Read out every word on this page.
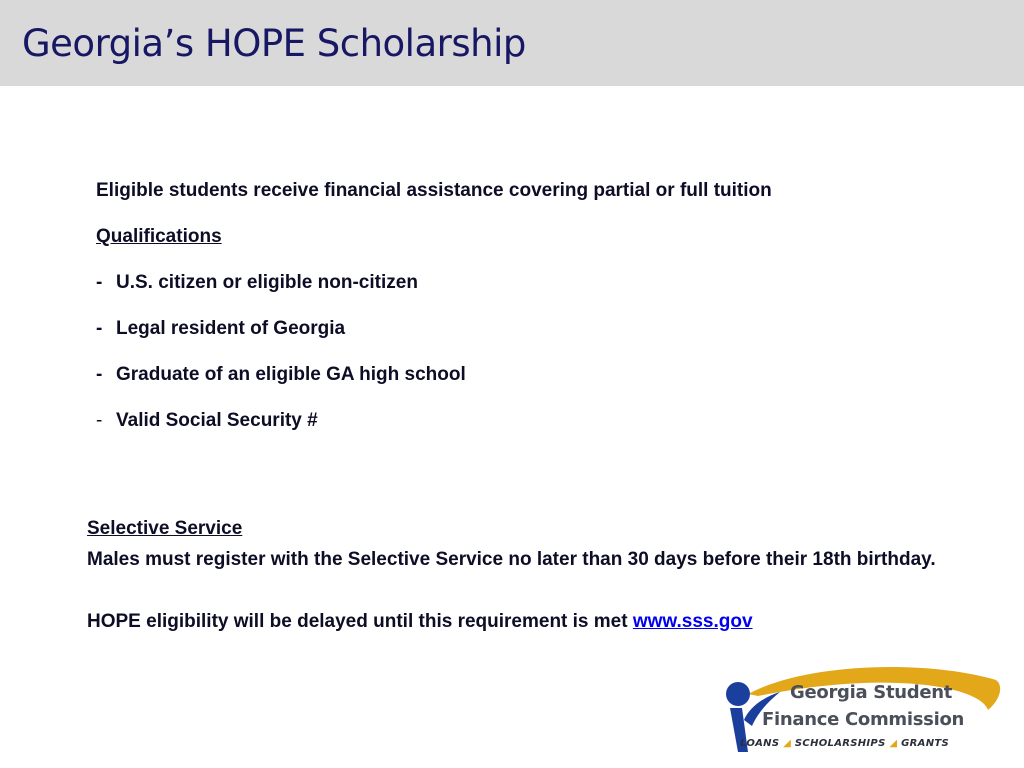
Georgia’s HOPE Scholarship
Eligible students receive financial assistance covering partial or full tuition
Qualifications
- U.S. citizen or eligible non-citizen
- Legal resident of Georgia
- Graduate of an eligible GA high school
- Valid Social Security #
Selective Service
Males must register with the Selective Service no later than 30 days before their 18th birthday.
HOPE eligibility will be delayed until this requirement is met www.sss.gov
Georgia Student
Finance Commission
LOANS ◢ SCHOLARSHIPS ◢ GRANTS
